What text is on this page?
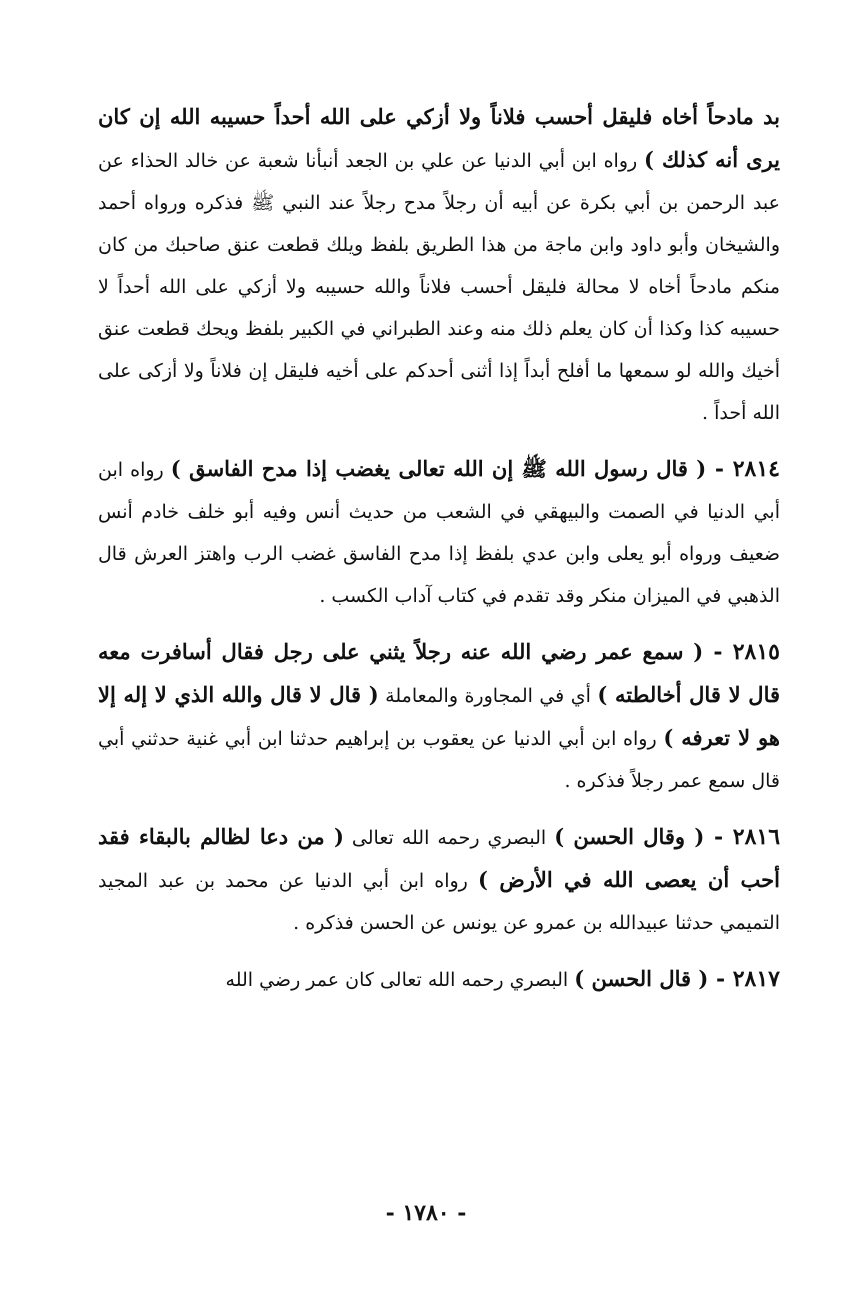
بد مادحاً أخاه فليقل أحسب فلاناً ولا أزكي على الله أحداً حسيبه الله إن كان يرى أنه كذلك ) رواه ابن أبي الدنيا عن علي بن الجعد أنبأنا شعبة عن خالد الحذاء عن عبد الرحمن بن أبي بكرة عن أبيه أن رجلاً مدح رجلاً عند النبي ﷺ فذكره ورواه أحمد والشيخان وأبو داود وابن ماجة من هذا الطريق بلفظ ويلك قطعت عنق صاحبك من كان منكم مادحاً أخاه لا محالة فليقل أحسب فلاناً والله حسيبه ولا أزكي على الله أحداً لا حسيبه كذا وكذا أن كان يعلم ذلك منه وعند الطبراني في الكبير بلفظ ويحك قطعت عنق أخيك والله لو سمعها ما أفلح أبداً إذا أثنى أحدكم على أخيه فليقل إن فلاناً ولا أزكى على الله أحداً .

٢٨١٤ - ( قال رسول الله ﷺ إن الله تعالى يغضب إذا مدح الفاسق ) رواه ابن أبي الدنيا في الصمت والبيهقي في الشعب من حديث أنس وفيه أبو خلف خادم أنس ضعيف ورواه أبو يعلى وابن عدي بلفظ إذا مدح الفاسق غضب الرب واهتز العرش قال الذهبي في الميزان منكر وقد تقدم في كتاب آداب الكسب .

٢٨١٥ - ( سمع عمر رضي الله عنه رجلاً يثني على رجل فقال أسافرت معه قال لا قال أخالطته ) أي في المجاورة والمعاملة ( قال لا قال والله الذي لا إله إلا هو لا تعرفه ) رواه ابن أبي الدنيا عن يعقوب بن إبراهيم حدثنا ابن أبي غنية حدثني أبي قال سمع عمر رجلاً فذكره .

٢٨١٦ - ( وقال الحسن ) البصري رحمه الله تعالى ( من دعا لظالم بالبقاء فقد أحب أن يعصى الله في الأرض ) رواه ابن أبي الدنيا عن محمد بن عبد المجيد التميمي حدثنا عبيدالله بن عمرو عن يونس عن الحسن فذكره .

٢٨١٧ - ( قال الحسن ) البصري رحمه الله تعالى كان عمر رضي الله

- ١٧٨٠ -
